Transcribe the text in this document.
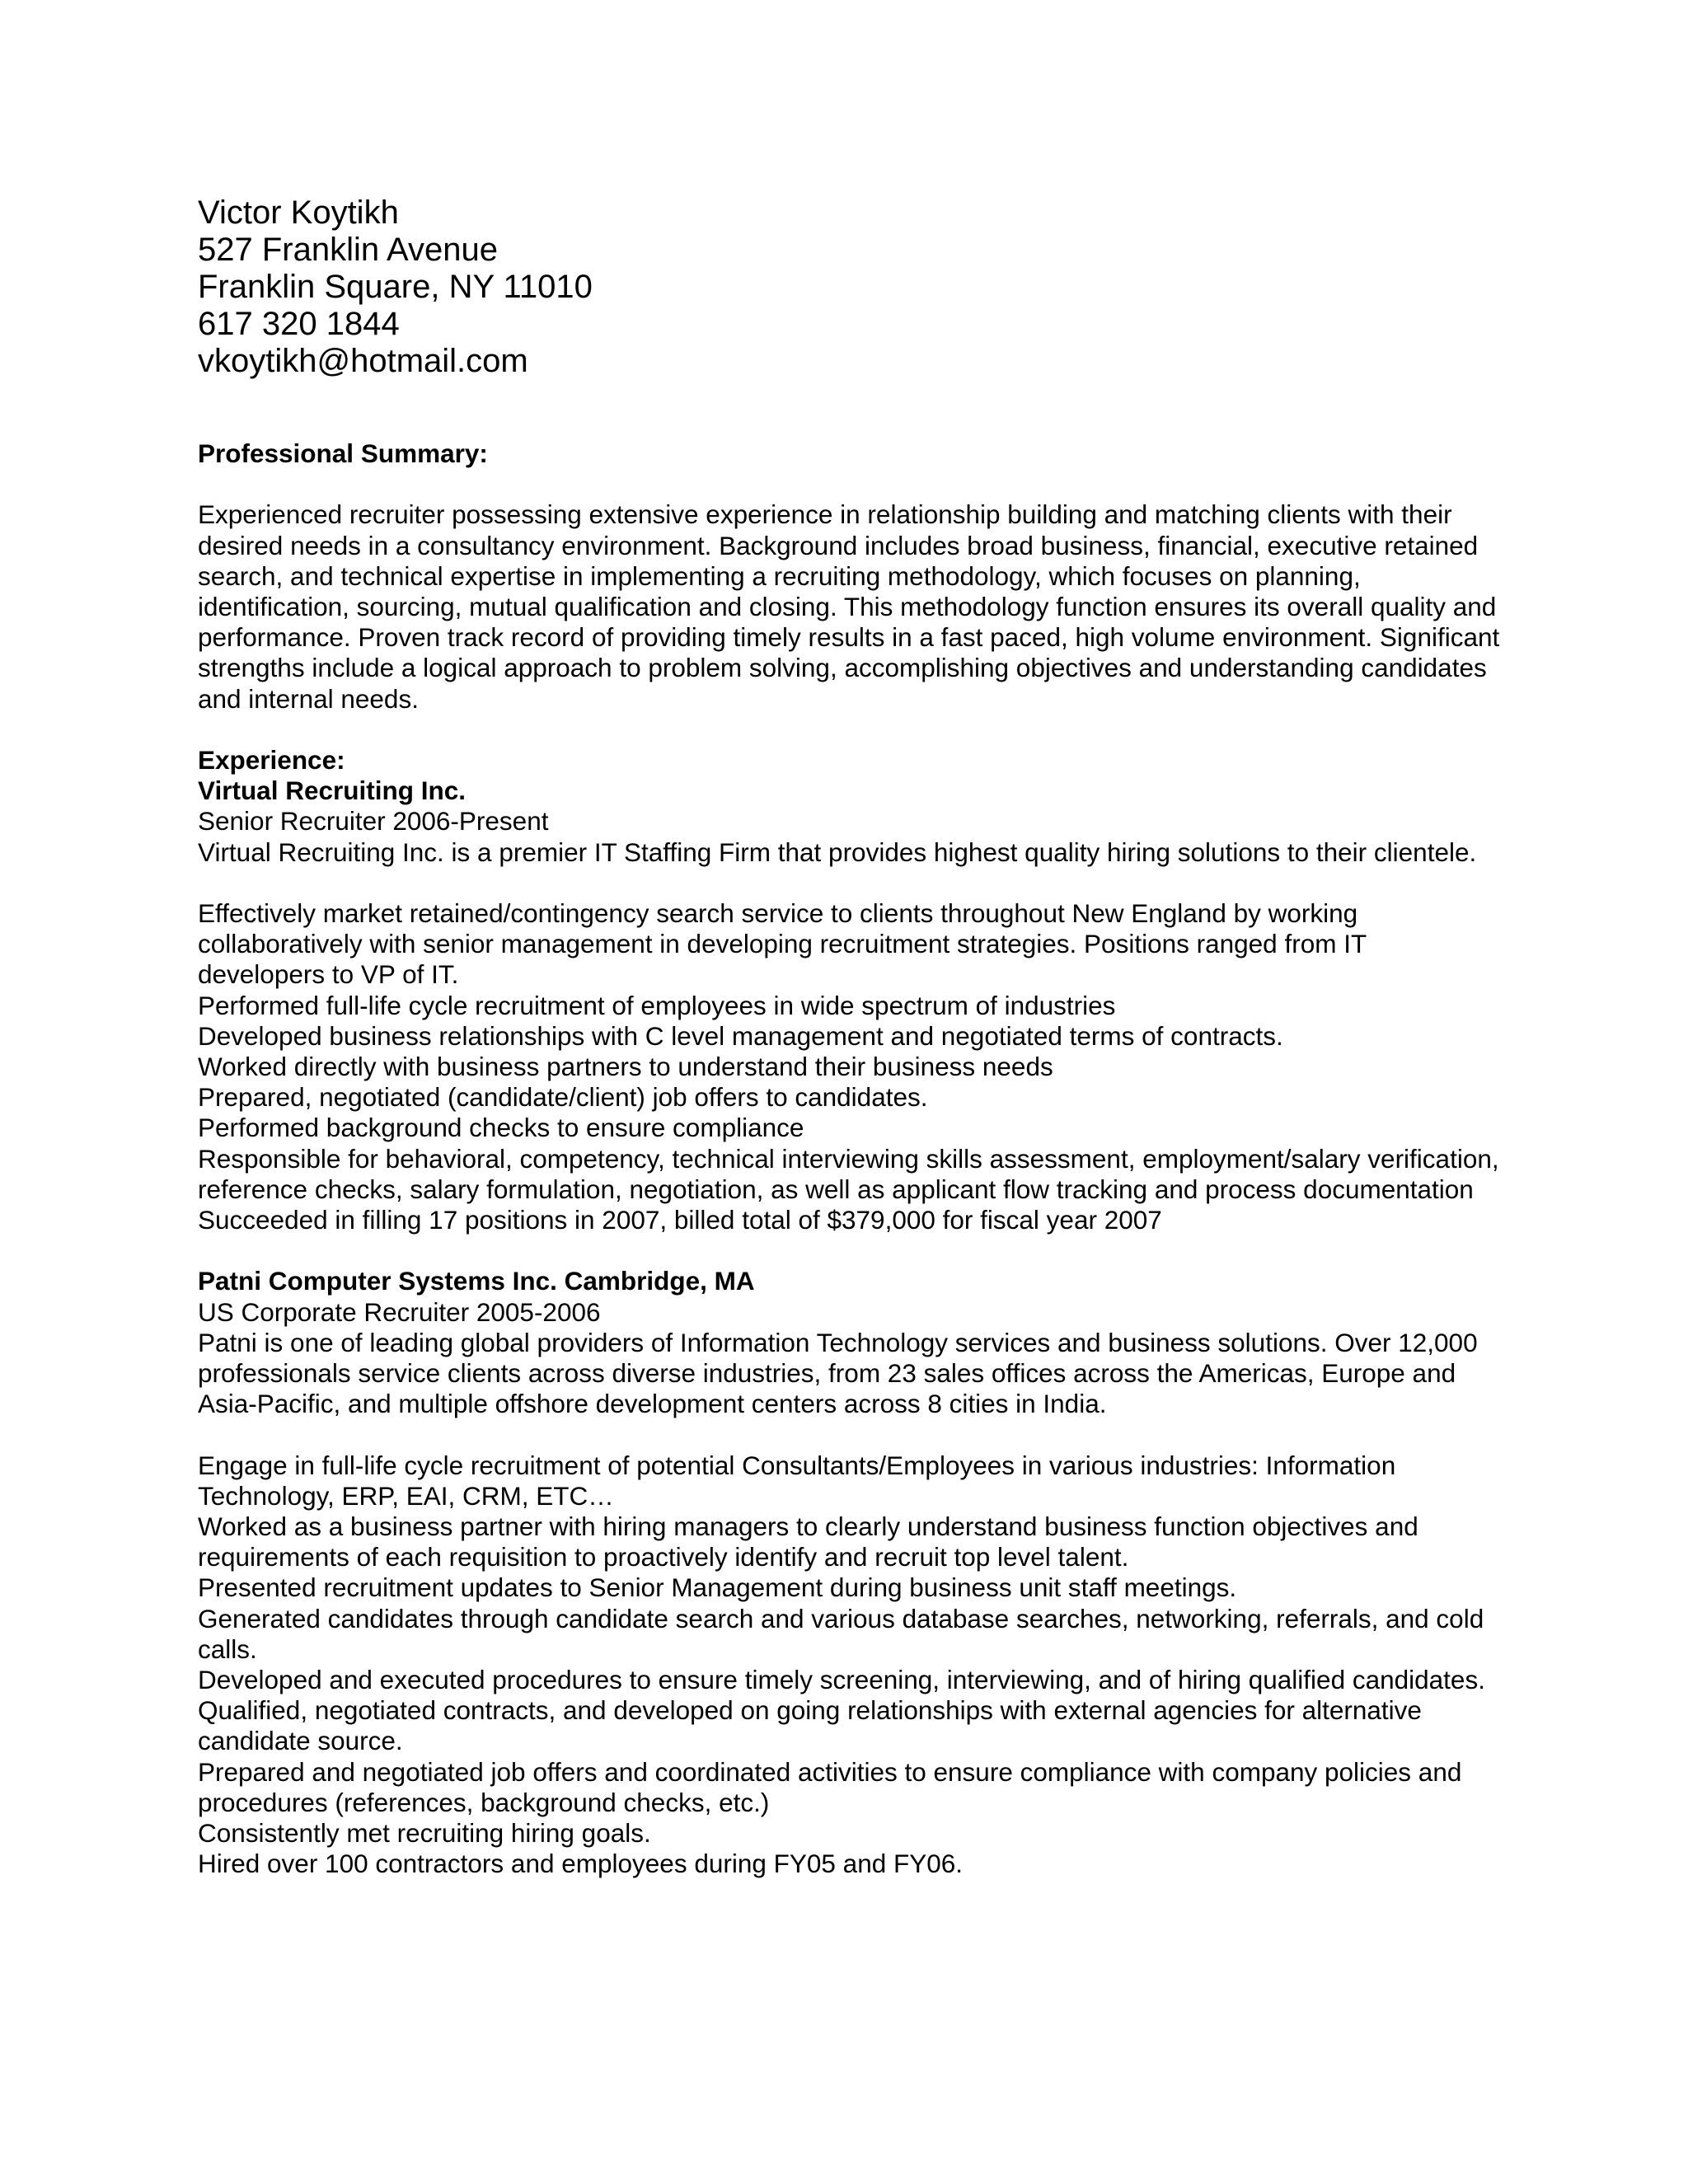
Victor Koytikh
527 Franklin Avenue
Franklin Square, NY 11010
617 320 1844
vkoytikh@hotmail.com

Professional Summary:

Experienced recruiter possessing extensive experience in relationship building and matching clients with their desired needs in a consultancy environment. Background includes broad business, financial, executive retained search, and technical expertise in implementing a recruiting methodology, which focuses on planning, identification, sourcing, mutual qualification and closing. This methodology function ensures its overall quality and performance. Proven track record of providing timely results in a fast paced, high volume environment. Significant strengths include a logical approach to problem solving, accomplishing objectives and understanding candidates and internal needs.

Experience:

Virtual Recruiting Inc.

Senior Recruiter 2006-Present

Virtual Recruiting Inc. is a premier IT Staffing Firm that provides highest quality hiring solutions to their clientele.

Effectively market retained/contingency search service to clients throughout New England by working collaboratively with senior management in developing recruitment strategies. Positions ranged from IT developers to VP of IT.

Performed full-life cycle recruitment of employees in wide spectrum of industries

Developed business relationships with C level management and negotiated terms of contracts.

Worked directly with business partners to understand their business needs

Prepared, negotiated (candidate/client) job offers to candidates.

Performed background checks to ensure compliance

Responsible for behavioral, competency, technical interviewing skills assessment, employment/salary verification, reference checks, salary formulation, negotiation, as well as applicant flow tracking and process documentation

Succeeded in filling 17 positions in 2007, billed total of $379,000 for fiscal year 2007

Patni Computer Systems Inc. Cambridge, MA

US Corporate Recruiter 2005-2006

Patni is one of leading global providers of Information Technology services and business solutions. Over 12,000 professionals service clients across diverse industries, from 23 sales offices across the Americas, Europe and Asia-Pacific, and multiple offshore development centers across 8 cities in India.

Engage in full-life cycle recruitment of potential Consultants/Employees in various industries: Information Technology, ERP, EAI, CRM, ETC…

Worked as a business partner with hiring managers to clearly understand business function objectives and requirements of each requisition to proactively identify and recruit top level talent.

Presented recruitment updates to Senior Management during business unit staff meetings.

Generated candidates through candidate search and various database searches, networking, referrals, and cold calls.

Developed and executed procedures to ensure timely screening, interviewing, and of hiring qualified candidates.

Qualified, negotiated contracts, and developed on going relationships with external agencies for alternative candidate source.

Prepared and negotiated job offers and coordinated activities to ensure compliance with company policies and procedures (references, background checks, etc.)

Consistently met recruiting hiring goals.

Hired over 100 contractors and employees during FY05 and FY06.
